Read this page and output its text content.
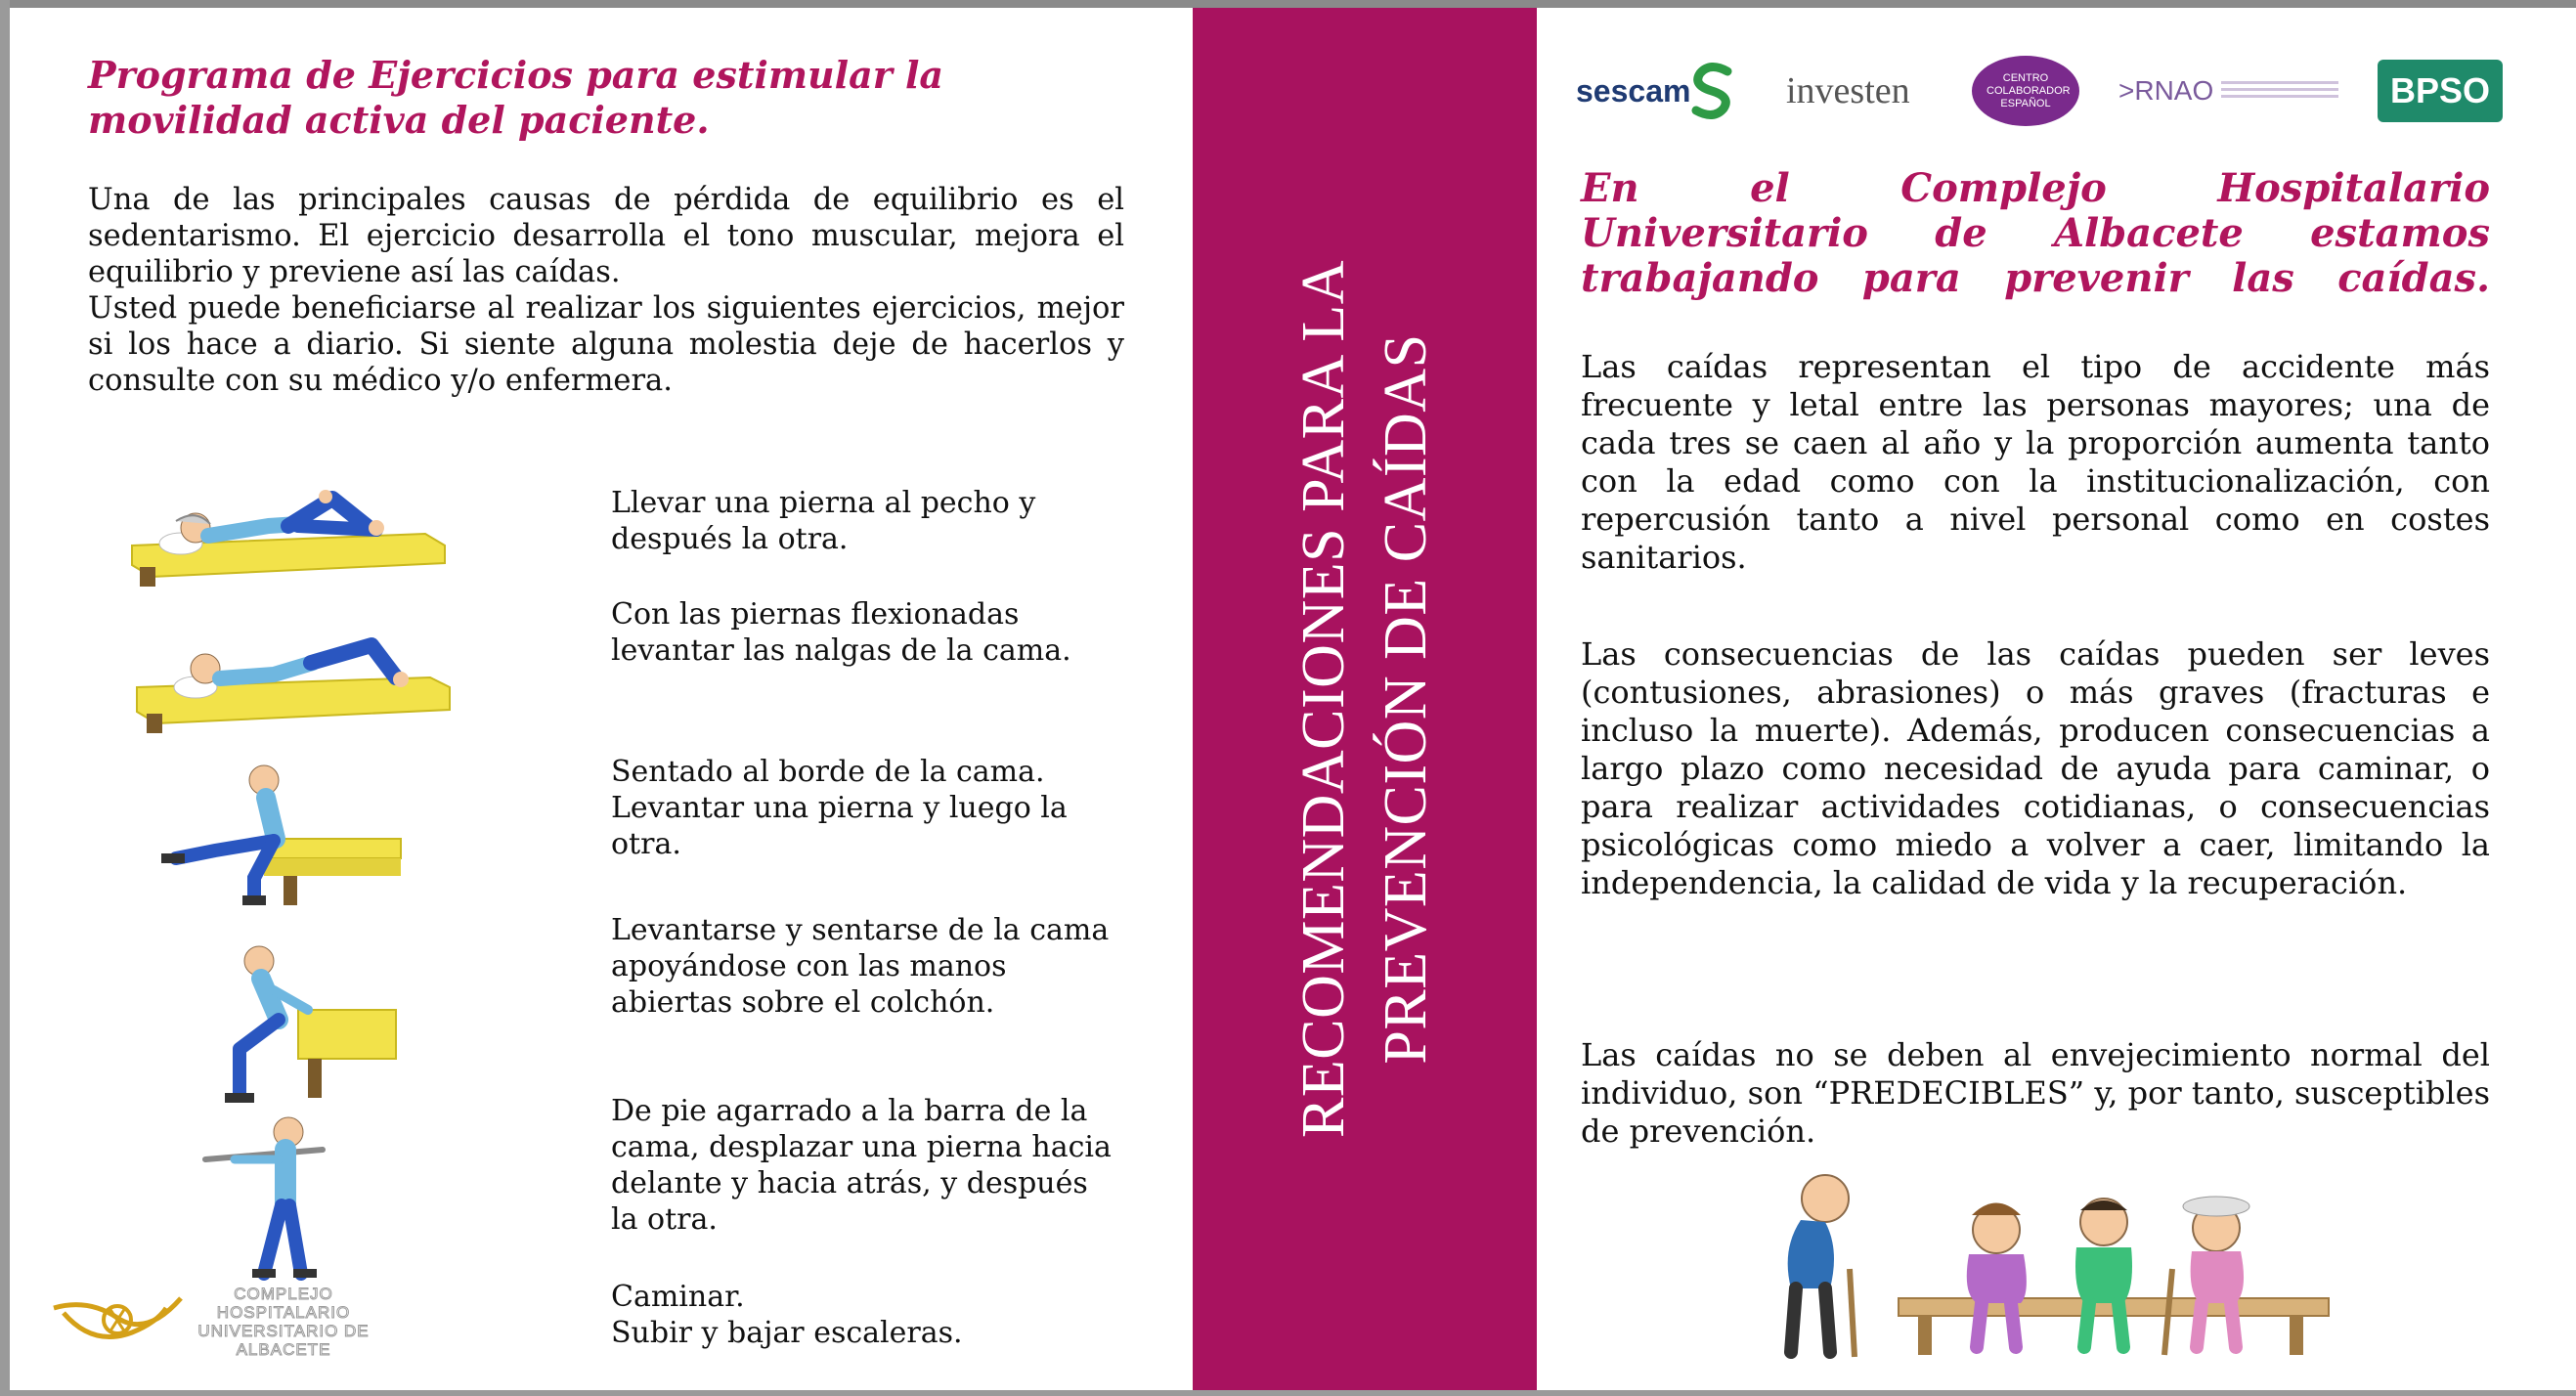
Programa de Ejercicios para estimular la movilidad activa del paciente.

Una de las principales causas de pérdida de equilibrio es el sedentarismo. El ejercicio desarrolla el tono muscular, mejora el equilibrio y previene así las caídas.

Usted puede beneficiarse al realizar los siguientes ejercicios, mejor si los hace a diario. Si siente alguna molestia deje de hacerlos y consulte con su médico y/o enfermera.

Llevar una pierna al pecho y después la otra.
Con las piernas flexionadas levantar las nalgas de la cama.
Sentado al borde de la cama. Levantar una pierna y luego la otra.
Levantarse y sentarse de la cama apoyándose con las manos abiertas sobre el colchón.
De pie agarrado a la barra de la cama, desplazar una pierna hacia delante y hacia atrás, y después la otra.
Caminar.
Subir y bajar escaleras.
COMPLEJO HOSPITALARIO UNIVERSITARIO DE ALBACETE
RECOMENDACIONES PARA LA PREVENCIÓN DE CAÍDAS
sescam	investen	CENTRO COLABORADOR ESPAÑOL	>RNAO	BPSO
En el Complejo Hospitalario Universitario de Albacete estamos trabajando para prevenir las caídas.

Las caídas representan el tipo de accidente más frecuente y letal entre las personas mayores; una de cada tres se caen al año y la proporción aumenta tanto con la edad como con la institucionalización, con repercusión tanto a nivel personal como en costes sanitarios.

Las consecuencias de las caídas pueden ser leves (contusiones, abrasiones) o más graves (fracturas e incluso la muerte). Además, producen consecuencias a largo plazo como necesidad de ayuda para caminar, o para realizar actividades cotidianas, o consecuencias psicológicas como miedo a volver a caer, limitando la independencia, la calidad de vida y la recuperación.

Las caídas no se deben al envejecimiento normal del individuo, son “PREDECIBLES” y, por tanto, susceptibles de prevención.
